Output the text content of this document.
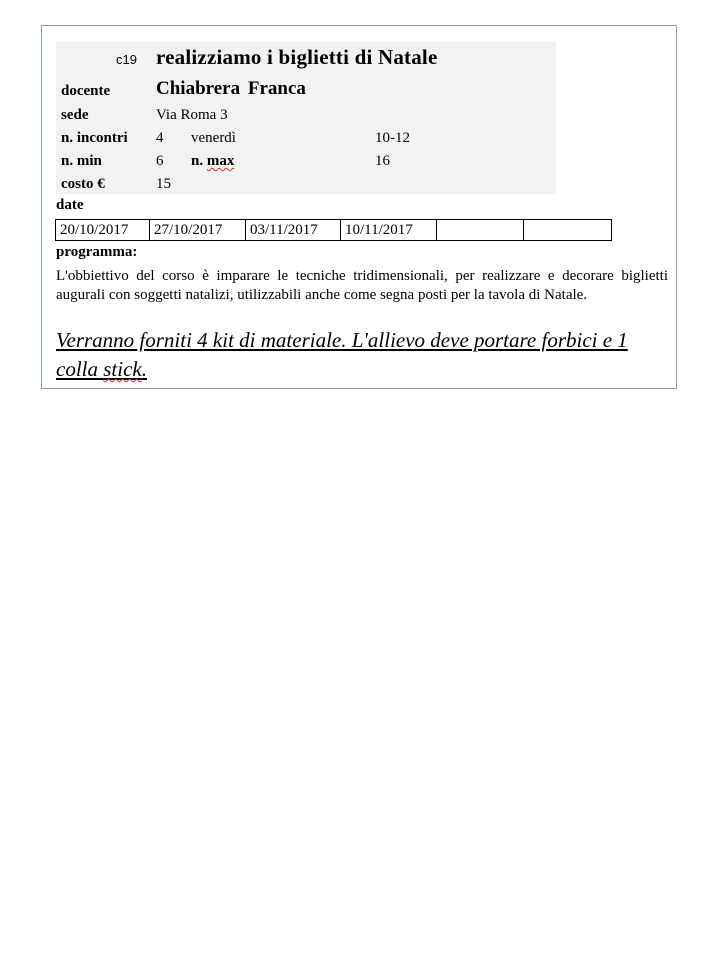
c19 realizziamo i biglietti di Natale
docente Chiabrera Franca
sede	Via Roma 3
n. incontri 4 venerdì	10-12
n. min	6 n. max	16
costo €	15
date
20/10/2017	27/10/2017	03/11/2017	10/11/2017		
programma:

L'obbiettivo del corso è imparare le tecniche tridimensionali, per realizzare e decorare biglietti augurali con soggetti natalizi, utilizzabili anche come segna posti per la tavola di Natale.

Verranno forniti 4 kit di materiale. L'allievo deve portare forbici e 1 colla stick.
